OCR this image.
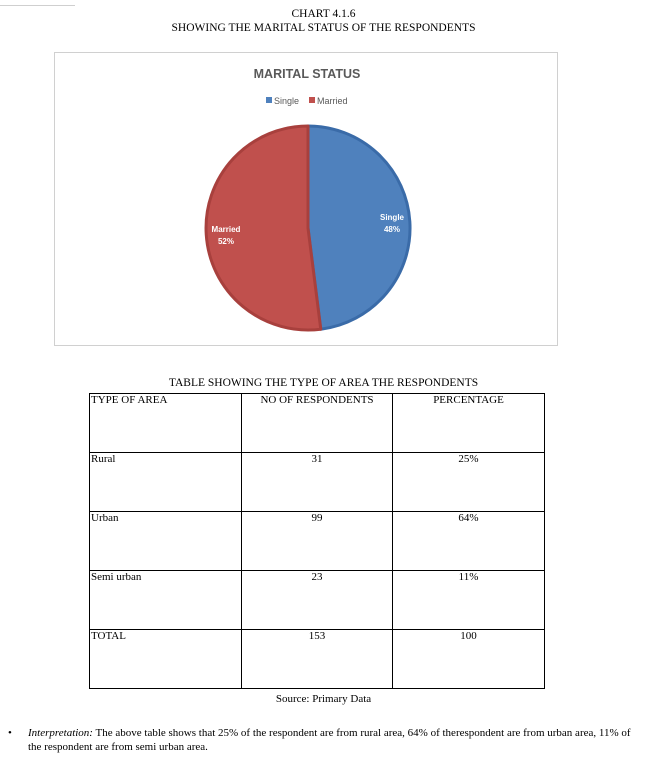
CHART 4.1.6
SHOWING THE MARITAL STATUS OF THE RESPONDENTS
MARITAL STATUS
Single Married
Single
48%
Married
52%
TABLE SHOWING THE TYPE OF AREA THE RESPONDENTS
TYPE OF AREA	NO OF RESPONDENTS	PERCENTAGE
Rural	31	25%
Urban	99	64%
Semi urban	23	11%
TOTAL	153	100
Source: Primary Data
• Interpretation: The above table shows that 25% of the respondent are from rural area, 64% of therespondent are from urban area, 11% of the respondent are from semi urban area.
